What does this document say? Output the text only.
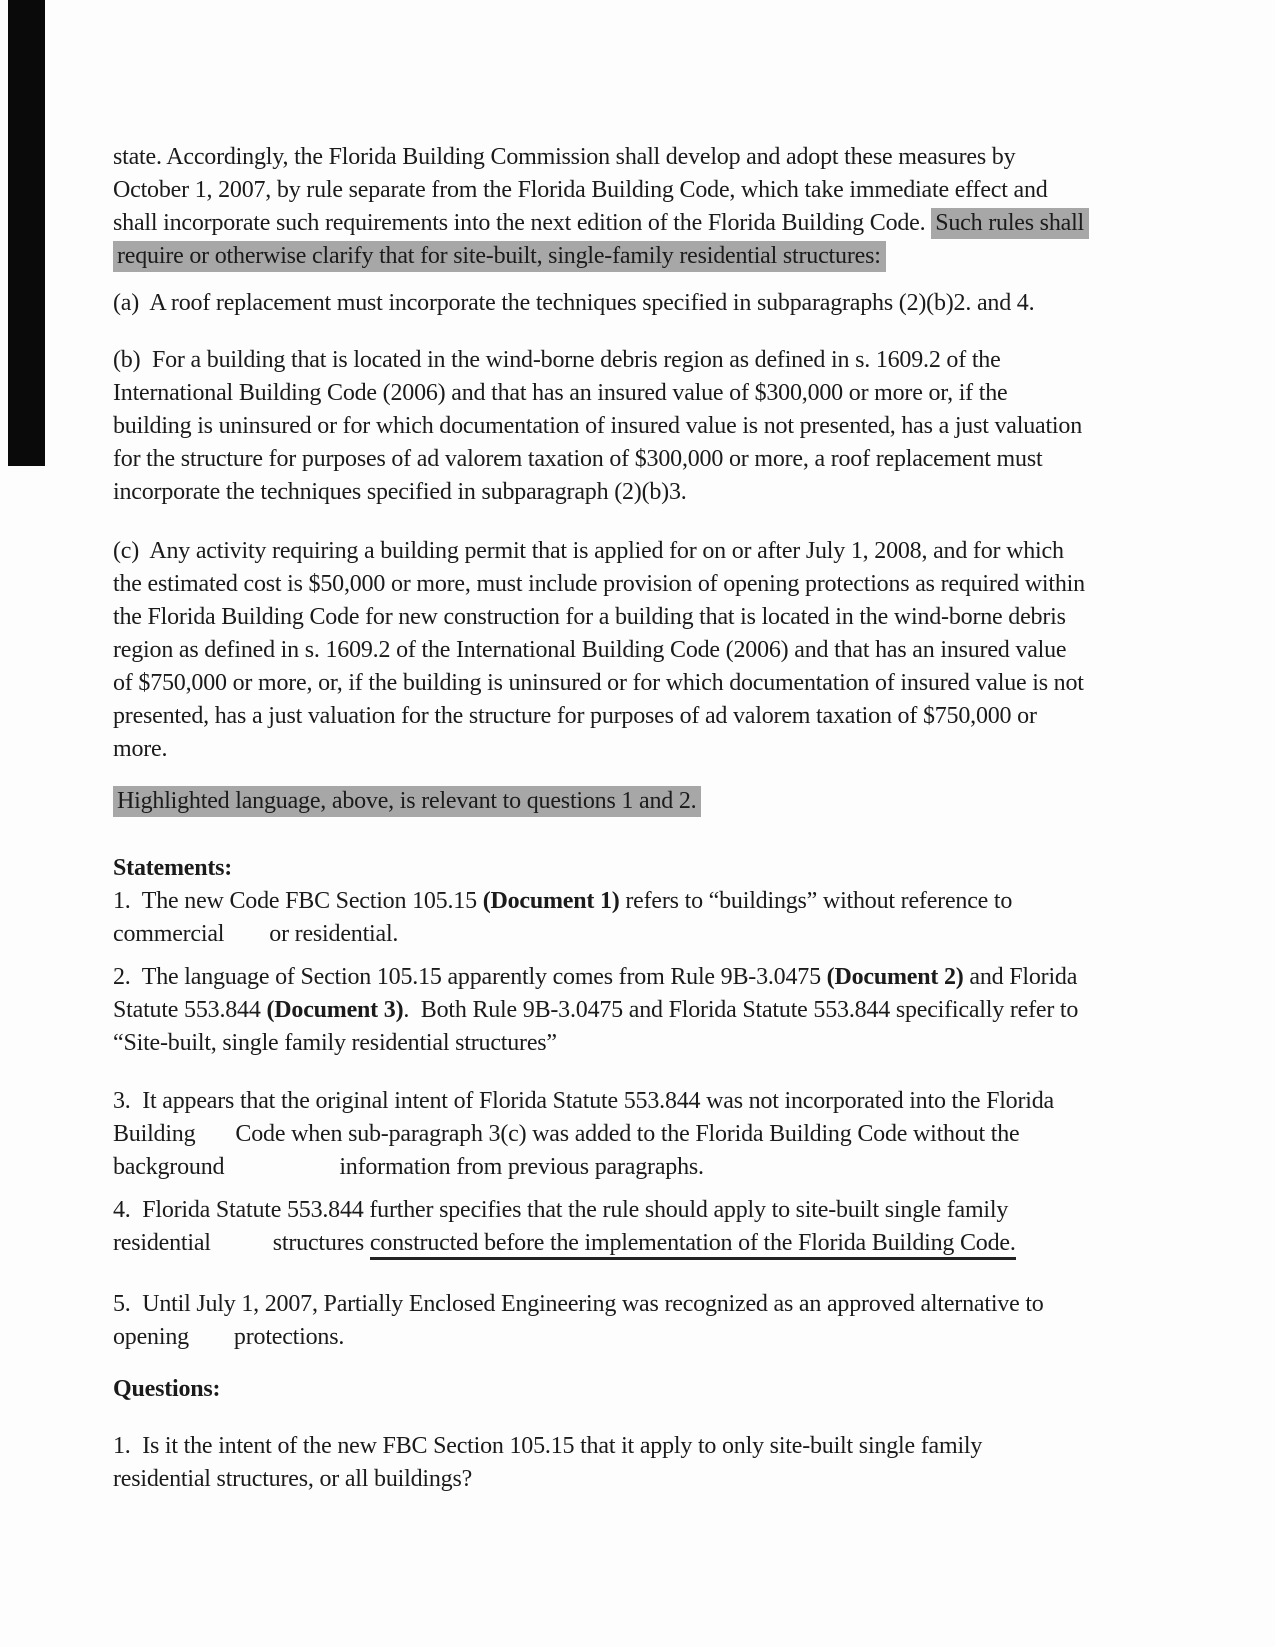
state. Accordingly, the Florida Building Commission shall develop and adopt these measures by
October 1, 2007, by rule separate from the Florida Building Code, which take immediate effect and
shall incorporate such requirements into the next edition of the Florida Building Code. Such rules shall
require or otherwise clarify that for site-built, single-family residential structures:
(a)  A roof replacement must incorporate the techniques specified in subparagraphs (2)(b)2. and 4.
(b)  For a building that is located in the wind-borne debris region as defined in s. 1609.2 of the
International Building Code (2006) and that has an insured value of $300,000 or more or, if the
building is uninsured or for which documentation of insured value is not presented, has a just valuation
for the structure for purposes of ad valorem taxation of $300,000 or more, a roof replacement must
incorporate the techniques specified in subparagraph (2)(b)3.
(c)  Any activity requiring a building permit that is applied for on or after July 1, 2008, and for which
the estimated cost is $50,000 or more, must include provision of opening protections as required within
the Florida Building Code for new construction for a building that is located in the wind-borne debris
region as defined in s. 1609.2 of the International Building Code (2006) and that has an insured value
of $750,000 or more, or, if the building is uninsured or for which documentation of insured value is not
presented, has a just valuation for the structure for purposes of ad valorem taxation of $750,000 or
more.
Highlighted language, above, is relevant to questions 1 and 2.
Statements:
1.  The new Code FBC Section 105.15 (Document 1) refers to “buildings” without reference to
commercial or residential.
2.  The language of Section 105.15 apparently comes from Rule 9B-3.0475 (Document 2) and Florida
Statute 553.844 (Document 3).  Both Rule 9B-3.0475 and Florida Statute 553.844 specifically refer to
“Site-built, single family residential structures”
3.  It appears that the original intent of Florida Statute 553.844 was not incorporated into the Florida
Building Code when sub-paragraph 3(c) was added to the Florida Building Code without the
background	information from previous paragraphs.
4.  Florida Statute 553.844 further specifies that the rule should apply to site-built single family
residential	structures constructed before the implementation of the Florida Building Code.
5.  Until July 1, 2007, Partially Enclosed Engineering was recognized as an approved alternative to
opening protections.
Questions:
1.  Is it the intent of the new FBC Section 105.15 that it apply to only site-built single family
residential structures, or all buildings?
